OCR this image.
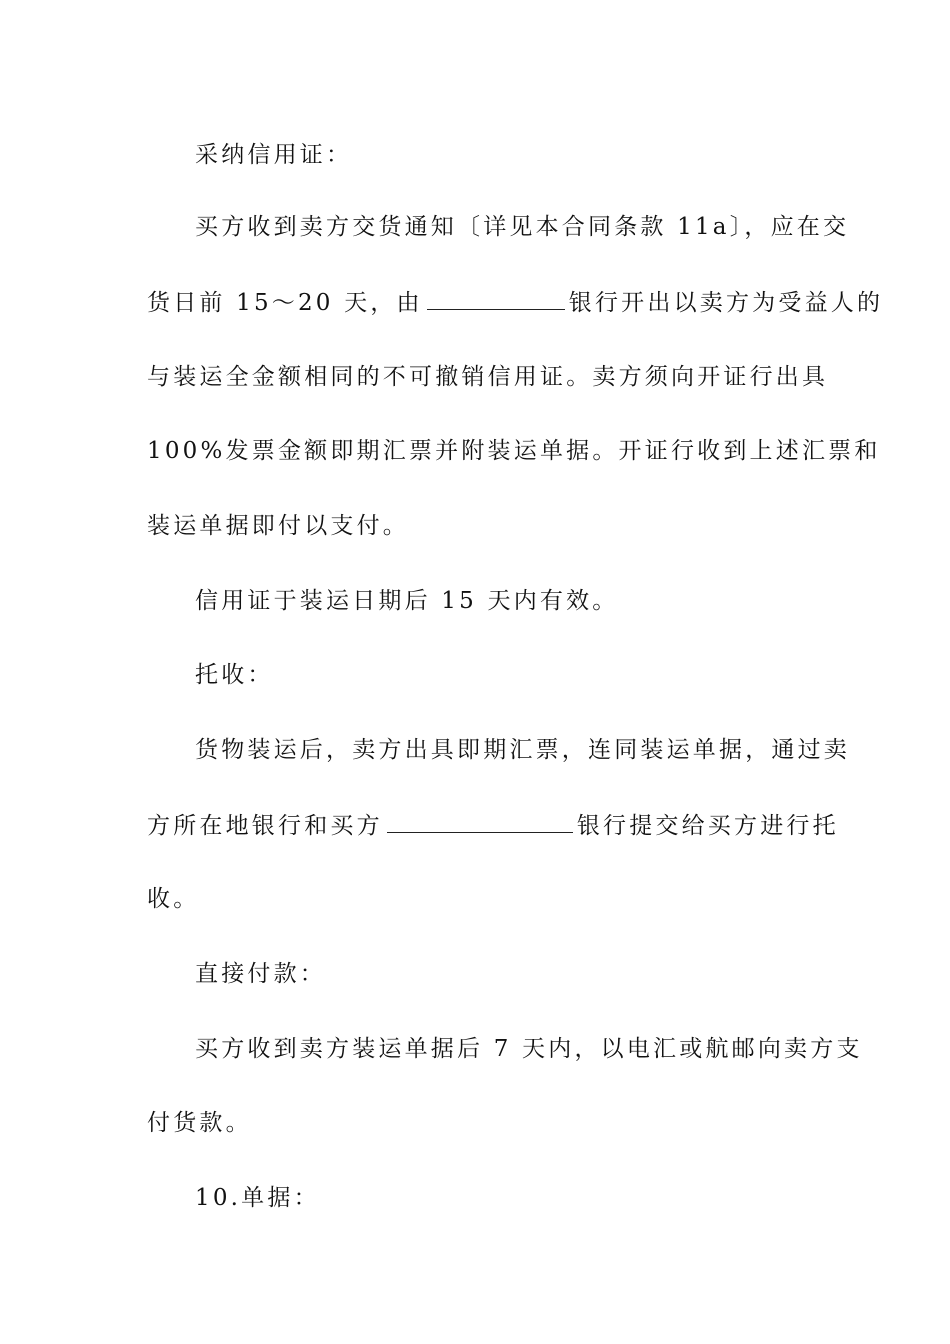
采纳信用证：
买方收到卖方交货通知〔详见本合同条款 11a〕，应在交
货日前 15～20 天，由	银行开出以卖方为受益人的
与装运全金额相同的不可撤销信用证。卖方须向开证行出具
100%发票金额即期汇票并附装运单据。开证行收到上述汇票和
装运单据即付以支付。
信用证于装运日期后 15 天内有效。
托收：
货物装运后，卖方出具即期汇票，连同装运单据，通过卖
方所在地银行和买方	银行提交给买方进行托
收。
直接付款：
买方收到卖方装运单据后 7 天内，以电汇或航邮向卖方支
付货款。
10.单据：
